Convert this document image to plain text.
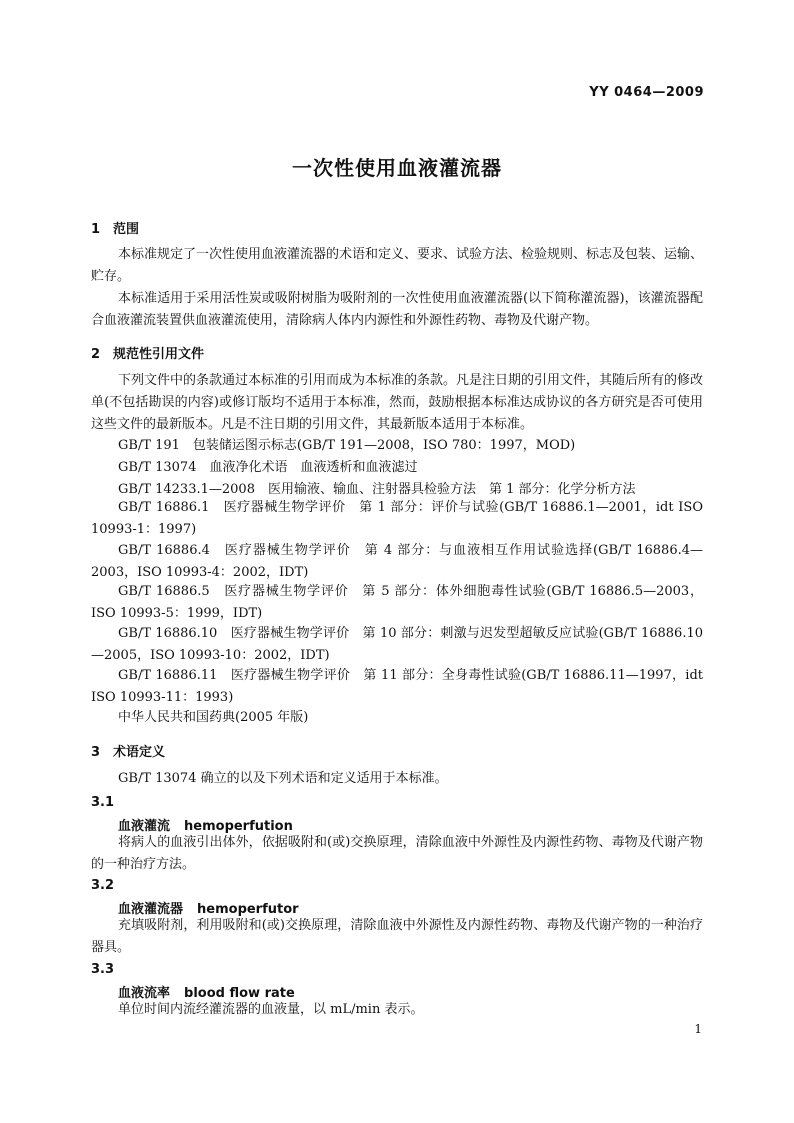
YY 0464—2009
一次性使用血液灌流器
1 范围
本标准规定了一次性使用血液灌流器的术语和定义、要求、试验方法、检验规则、标志及包装、运输、贮存。
本标准适用于采用活性炭或吸附树脂为吸附剂的一次性使用血液灌流器(以下简称灌流器)，该灌流器配合血液灌流装置供血液灌流使用，清除病人体内内源性和外源性药物、毒物及代谢产物。
2 规范性引用文件
下列文件中的条款通过本标准的引用而成为本标准的条款。凡是注日期的引用文件，其随后所有的修改单(不包括勘误的内容)或修订版均不适用于本标准，然而，鼓励根据本标准达成协议的各方研究是否可使用这些文件的最新版本。凡是不注日期的引用文件，其最新版本适用于本标准。
GB/T 191　包装储运图示标志(GB/T 191—2008，ISO 780：1997，MOD)
GB/T 13074　血液净化术语　血液透析和血液滤过
GB/T 14233.1—2008　医用输液、输血、注射器具检验方法　第 1 部分：化学分析方法
GB/T 16886.1　医疗器械生物学评价　第 1 部分：评价与试验(GB/T 16886.1—2001，idt ISO 10993-1：1997)
GB/T 16886.4　医疗器械生物学评价　第 4 部分：与血液相互作用试验选择(GB/T 16886.4—2003，ISO 10993-4：2002，IDT)
GB/T 16886.5　医疗器械生物学评价　第 5 部分：体外细胞毒性试验(GB/T 16886.5—2003，ISO 10993-5：1999，IDT)
GB/T 16886.10　医疗器械生物学评价　第 10 部分：刺激与迟发型超敏反应试验(GB/T 16886.10—2005，ISO 10993-10：2002，IDT)
GB/T 16886.11　医疗器械生物学评价　第 11 部分：全身毒性试验(GB/T 16886.11—1997，idt ISO 10993-11：1993)
中华人民共和国药典(2005 年版)
3 术语定义
GB/T 13074 确立的以及下列术语和定义适用于本标准。
3.1
血液灌流 hemoperfution
将病人的血液引出体外，依据吸附和(或)交换原理，清除血液中外源性及内源性药物、毒物及代谢产物的一种治疗方法。
3.2
血液灌流器 hemoperfutor
充填吸附剂，利用吸附和(或)交换原理，清除血液中外源性及内源性药物、毒物及代谢产物的一种治疗器具。
3.3
血液流率 blood flow rate
单位时间内流经灌流器的血液量，以 mL/min 表示。
1
